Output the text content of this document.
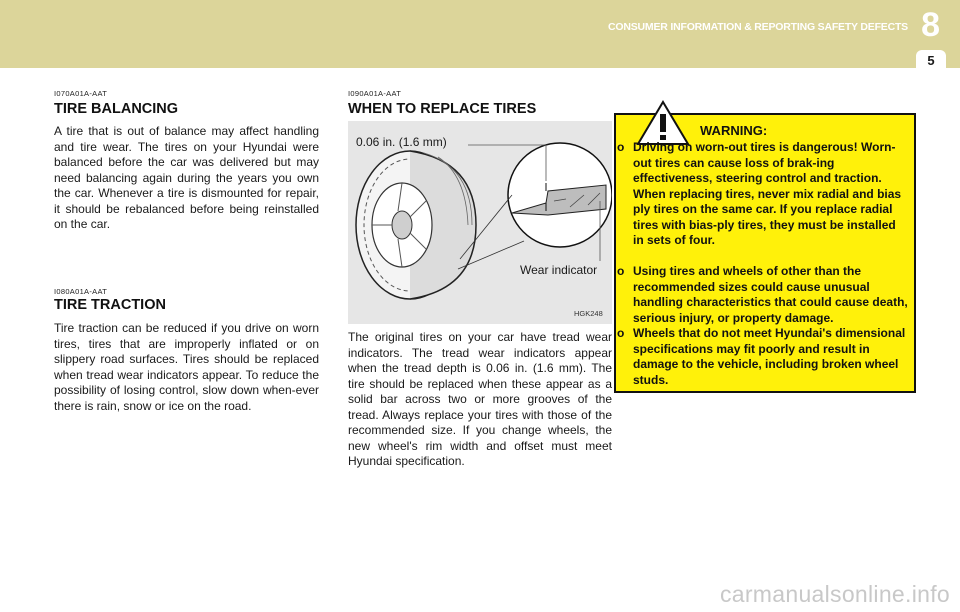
CONSUMER INFORMATION & REPORTING SAFETY DEFECTS 8
5
I070A01A-AAT
TIRE BALANCING
A tire that is out of balance may affect handling and tire wear. The tires on your Hyundai were balanced before the car was delivered but may need balancing again during the years you own the car. Whenever a tire is dismounted for repair, it should be rebalanced before being reinstalled on the car.
I080A01A-AAT
TIRE TRACTION
Tire traction can be reduced if you drive on worn tires, tires that are improperly inflated or on slippery road surfaces. Tires should be replaced when tread wear indicators appear. To reduce the possibility of losing control, slow down when-ever there is rain, snow or ice on the road.
I090A01A-AAT
WHEN TO REPLACE TIRES
0.06 in. (1.6 mm)
Wear indicator
HGK248
The original tires on your car have tread wear indicators. The tread wear indicators appear when the tread depth is 0.06 in. (1.6 mm). The tire should be replaced when these appear as a solid bar across two or more grooves of the tread. Always replace your tires with those of the recommended size. If you change wheels, the new wheel's rim width and offset must meet Hyundai specification.
WARNING:
o Driving on worn-out tires is dangerous! Worn-out tires can cause loss of brak-ing effectiveness, steering control and traction. When replacing tires, never mix radial and bias ply tires on the same car. If you replace radial tires with bias-ply tires, they must be installed in sets of four.
o Using tires and wheels of other than the recommended sizes could cause unusual handling characteristics that could cause death, serious injury, or property damage.
o Wheels that do not meet Hyundai's dimensional specifications may fit poorly and result in damage to the vehicle, including broken wheel studs.
carmanualsonline.info
